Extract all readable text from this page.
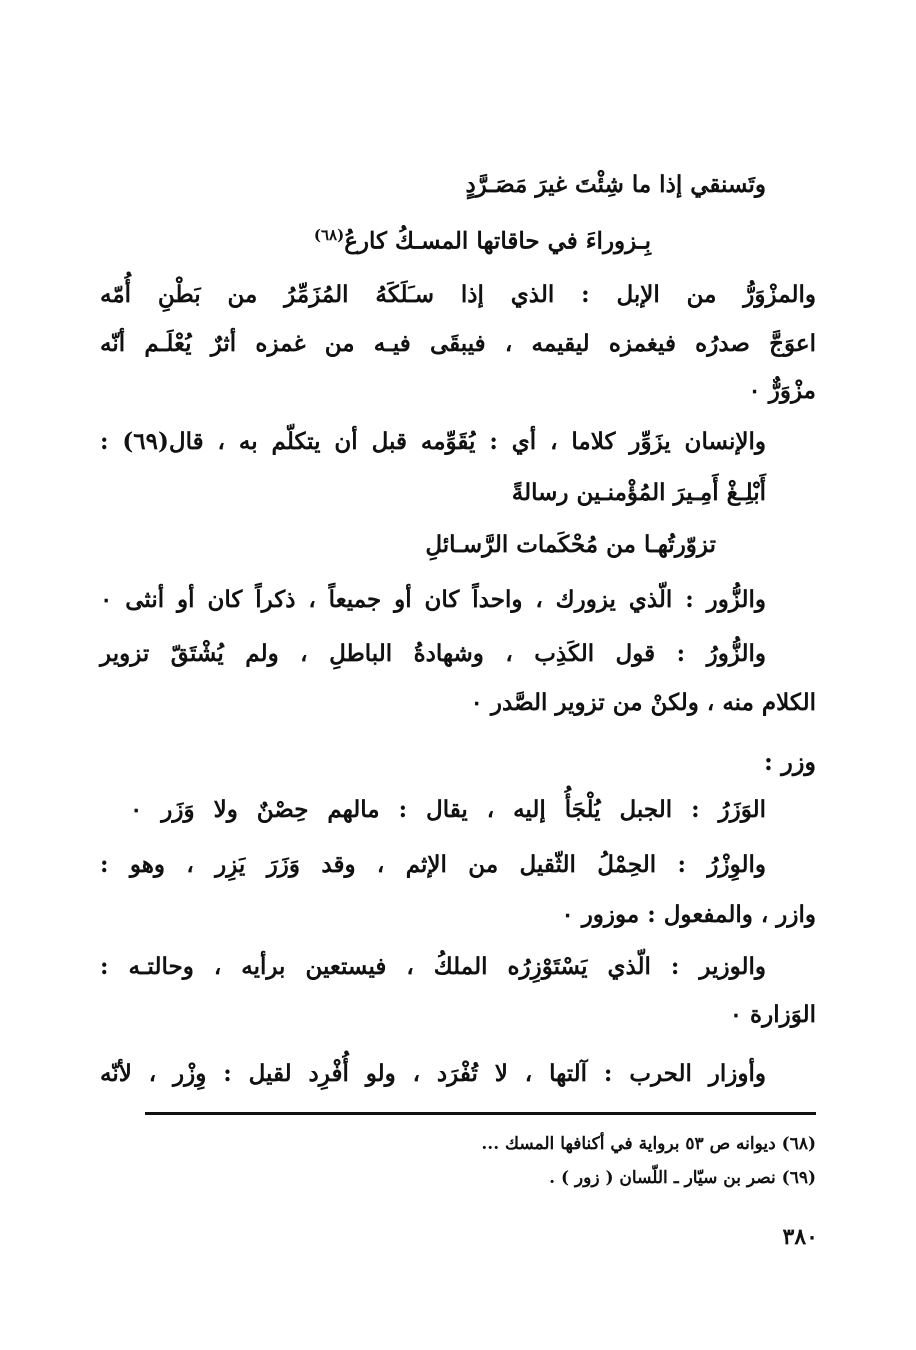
وتَسنقي إذا ما شِئْتَ غيرَ مَصَـرَّدٍ
بِـزوراءَ في حاقاتها المسـكُ كارعُ$^{(٦٨)}$
والمزْوَرُّ من الإبل : الذي إذا سـَلَكَهُ المُزَمِّرُ من بَطْنِ أُمّه
اعوَجَّ صدرُه فيغمزه ليقيمه ، فيبقَى فيـه من غمزه أثرٌ يُعْلَـم أنّه
مزْوَرٌّ ٠
والإنسان يزَوِّر كلاما ، أي : يُقَوِّمه قبل أن يتكلّم به ، قال(٦٩) :
أَبْلِـغْ أَمِـيرَ المُؤْمنـين رسالةً
تزوّرتُهـا من مُحْكَمات الرَّسـائلِ
والزُّور : الّذي يزورك ، واحداً كان أو جميعاً ، ذكراً كان أو أنثى ٠
والزُّورُ : قول الكَذِب ، وشهادةُ الباطلِ ، ولم يُشْتَقّ تزوير
الكلام منه ، ولكنْ من تزوير الصَّدر ٠
وزر :
الوَزَرُ : الجبل يُلْجَأُ إليه ، يقال : مالهم حِصْنٌ ولا وَزَر ٠
والوِزْرُ : الحِمْلُ الثّقيل من الإثم ، وقد وَزَرَ يَزِر ، وهو :
وازر ، والمفعول : موزور ٠
والوزير : الّذي يَسْتَوْزِرُه الملكُ ، فيستعين برأيه ، وحالتـه :
الوَزارة ٠
وأوزار الحرب : آلتها ، لا تُفْرَد ، ولو أُفْرِد لقيل : وِزْر ، لأنّه
(٦٨) ديوانه ص ٥٣ برواية في أكنافها المسك ...
(٦٩) نصر بن سيّار ـ اللّسان ( زور ) .
٣٨٠
